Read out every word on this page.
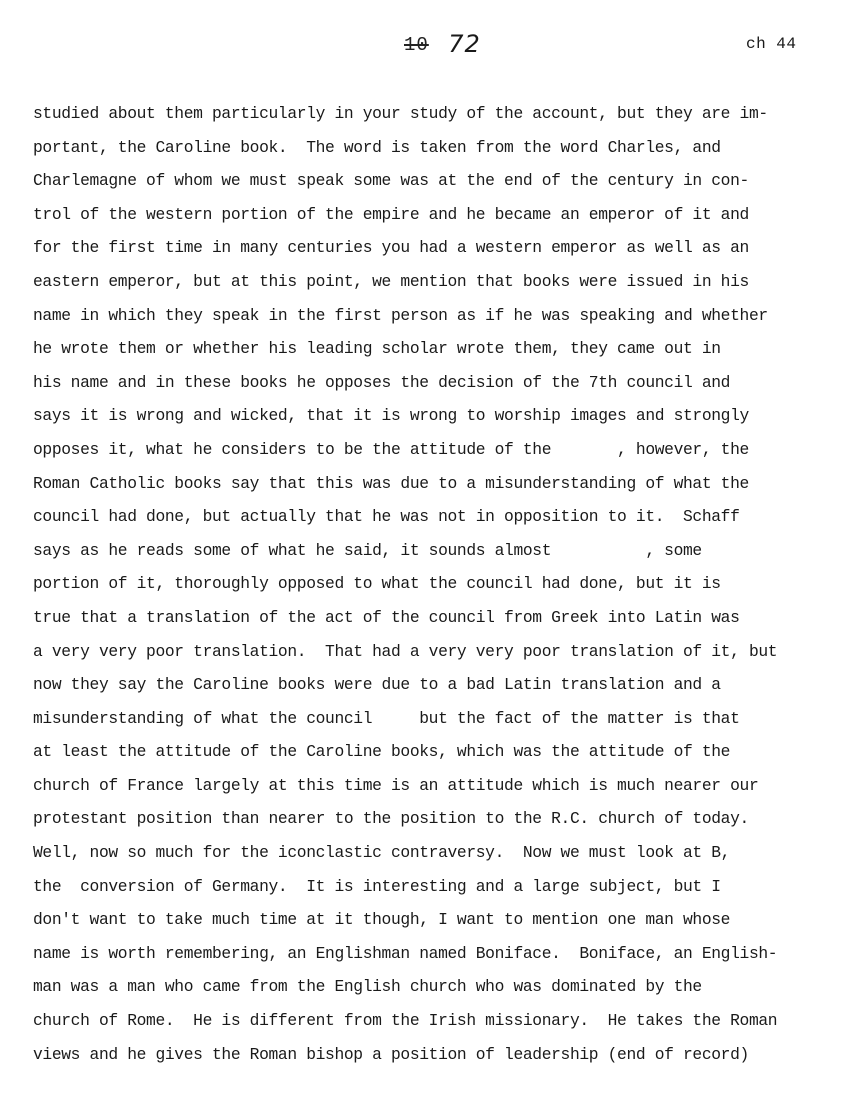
10 72	ch 44
studied about them particularly in your study of the account, but they are im-
portant, the Caroline book.  The word is taken from the word Charles, and
Charlemagne of whom we must speak some was at the end of the century in con-
trol of the western portion of the empire and he became an emperor of it and
for the first time in many centuries you had a western emperor as well as an
eastern emperor, but at this point, we mention that books were issued in his
name in which they speak in the first person as if he was speaking and whether
he wrote them or whether his leading scholar wrote them, they came out in
his name and in these books he opposes the decision of the 7th council and
says it is wrong and wicked, that it is wrong to worship images and strongly
opposes it, what he considers to be the attitude of the       , however, the
Roman Catholic books say that this was due to a misunderstanding of what the
council had done, but actually that he was not in opposition to it.  Schaff
says as he reads some of what he said, it sounds almost          , some
portion of it, thoroughly opposed to what the council had done, but it is
true that a translation of the act of the council from Greek into Latin was
a very very poor translation.  That had a very very poor translation of it, but
now they say the Caroline books were due to a bad Latin translation and a
misunderstanding of what the council     but the fact of the matter is that
at least the attitude of the Caroline books, which was the attitude of the
church of France largely at this time is an attitude which is much nearer our
protestant position than nearer to the position to the R.C. church of today.
Well, now so much for the iconclastic contraversy.  Now we must look at B,
the  conversion of Germany.  It is interesting and a large subject, but I
don't want to take much time at it though, I want to mention one man whose
name is worth remembering, an Englishman named Boniface.  Boniface, an English-
man was a man who came from the English church who was dominated by the
church of Rome.  He is different from the Irish missionary.  He takes the Roman
views and he gives the Roman bishop a position of leadership (end of record)
